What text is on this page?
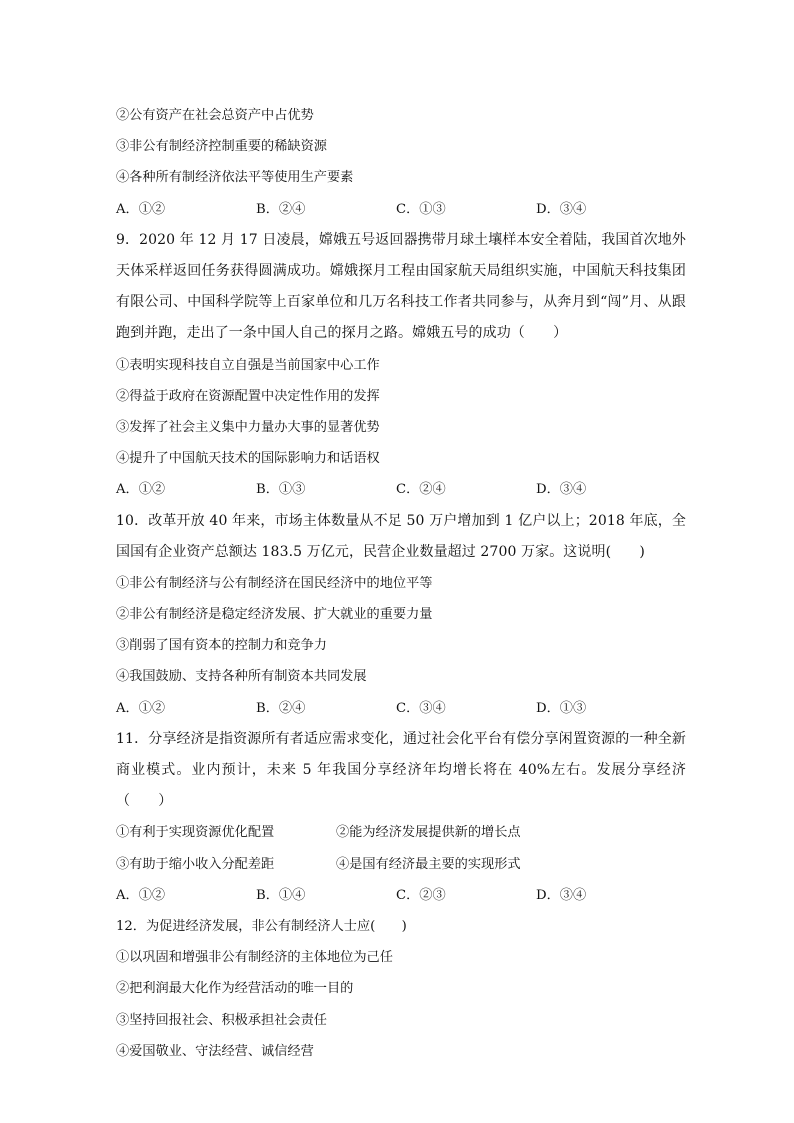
②公有资产在社会总资产中占优势
③非公有制经济控制重要的稀缺资源
④各种所有制经济依法平等使用生产要素
A．①②	B．②④	C．①③	D．③④
9．2020 年 12 月 17 日凌晨，嫦娥五号返回器携带月球土壤样本安全着陆，我国首次地外天体采样返回任务获得圆满成功。嫦娥探月工程由国家航天局组织实施，中国航天科技集团有限公司、中国科学院等上百家单位和几万名科技工作者共同参与，从奔月到“闯”月、从跟跑到并跑，走出了一条中国人自己的探月之路。嫦娥五号的成功（　　）
①表明实现科技自立自强是当前国家中心工作
②得益于政府在资源配置中决定性作用的发挥
③发挥了社会主义集中力量办大事的显著优势
④提升了中国航天技术的国际影响力和话语权
A．①②	B．①③	C．②④	D．③④
10．改革开放 40 年来，市场主体数量从不足 50 万户增加到 1 亿户以上；2018 年底，全国国有企业资产总额达 183.5 万亿元，民营企业数量超过 2700 万家。这说明(　　)
①非公有制经济与公有制经济在国民经济中的地位平等
②非公有制经济是稳定经济发展、扩大就业的重要力量
③削弱了国有资本的控制力和竞争力
④我国鼓励、支持各种所有制资本共同发展
A．①②	B．②④	C．③④	D．①③
11．分享经济是指资源所有者适应需求变化，通过社会化平台有偿分享闲置资源的一种全新商业模式。业内预计，未来 5 年我国分享经济年均增长将在 40%左右。发展分享经济（　　）
①有利于实现资源优化配置	②能为经济发展提供新的增长点
③有助于缩小收入分配差距	④是国有经济最主要的实现形式
A．①②	B．①④	C．②③	D．③④
12．为促进经济发展，非公有制经济人士应(　　)
①以巩固和增强非公有制经济的主体地位为己任
②把利润最大化作为经营活动的唯一目的
③坚持回报社会、积极承担社会责任
④爱国敬业、守法经营、诚信经营
